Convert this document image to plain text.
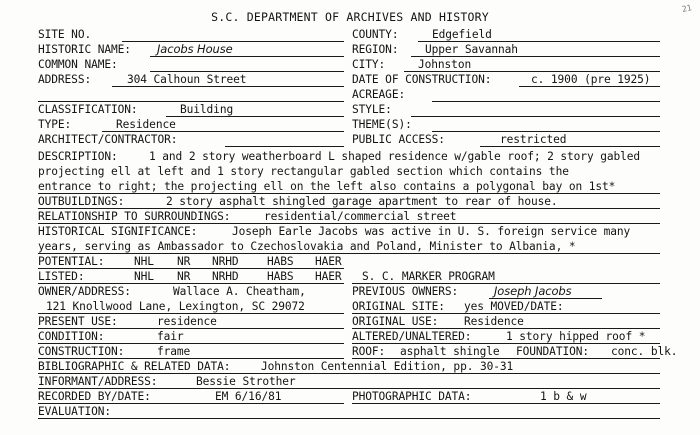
21
S.C. DEPARTMENT OF ARCHIVES AND HISTORY
SITE NO.
HISTORIC NAME: Jacobs House
COMMON NAME:
ADDRESS:	304 Calhoun Street
CLASSIFICATION:	Building
TYPE:	Residence
ARCHITECT/CONTRACTOR:
COUNTY:	Edgefield
REGION: Upper Savannah
CITY:	Johnston
DATE OF CONSTRUCTION:	c. 1900 (pre 1925)
ACREAGE:
STYLE:
THEME(S):
PUBLIC ACCESS:	restricted
DESCRIPTION:	1 and 2 story weatherboard L shaped residence w/gable roof; 2 story gabled
projecting ell at left and 1 story rectangular gabled section which contains the
entrance to right; the projecting ell on the left also contains a polygonal bay on 1st*
OUTBUILDINGS:	2 story asphalt shingled garage apartment to rear of house.
RELATIONSHIP TO SURROUNDINGS:	residential/commercial street
HISTORICAL SIGNIFICANCE:	Joseph Earle Jacobs was active in U. S. foreign service many
years, serving as Ambassador to Czechoslovakia and Poland, Minister to Albania, *
POTENTIAL:	NHL NR NRHD	HABS HAER
LISTED:	NHL NR NRHD	HABS HAER S. C. MARKER PROGRAM
OWNER/ADDRESS:	Wallace A. Cheatham,
121 Knollwood Lane, Lexington, SC 29072
PREVIOUS OWNERS:	Joseph Jacobs
ORIGINAL SITE: yes MOVED/DATE:
PRESENT USE:	residence	ORIGINAL USE: Residence
CONDITION:	fair	ALTERED/UNALTERED:	1 story hipped roof *
CONSTRUCTION:	frame	ROOF: asphalt shingle FOUNDATION: conc. blk.
BIBLIOGRAPHIC & RELATED DATA:	Johnston Centennial Edition, pp. 30-31
INFORMANT/ADDRESS:	Bessie Strother
RECORDED BY/DATE:	EM 6/16/81	PHOTOGRAPHIC DATA:	1 b & w
EVALUATION:
